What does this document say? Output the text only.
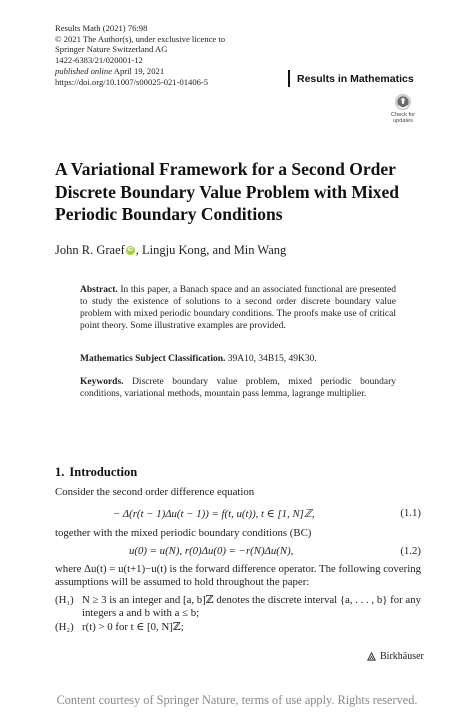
Results Math (2021) 76:98
© 2021 The Author(s), under exclusive licence to
Springer Nature Switzerland AG
1422-6383/21/020001-12
published online April 19, 2021
https://doi.org/10.1007/s00025-021-01406-5	Results in Mathematics
Check for
updates
A Variational Framework for a Second Order Discrete Boundary Value Problem with Mixed Periodic Boundary Conditions
John R. Graef iD , Lingju Kong, and Min Wang
Abstract. In this paper, a Banach space and an associated functional are presented to study the existence of solutions to a second order discrete boundary value problem with mixed periodic boundary conditions. The proofs make use of critical point theory. Some illustrative examples are provided.
Mathematics Subject Classification. 39A10, 34B15, 49K30.
Keywords. Discrete boundary value problem, mixed periodic boundary conditions, variational methods, mountain pass lemma, lagrange multiplier.
1. Introduction
Consider the second order difference equation
− Δ(r(t − 1)Δu(t − 1)) = f(t, u(t)), t ∈ [1, N]ℤ,	(1.1)
together with the mixed periodic boundary conditions (BC)
u(0) = u(N), r(0)Δu(0) = −r(N)Δu(N),	(1.2)
where Δu(t) = u(t+1)−u(t) is the forward difference operator. The following covering assumptions will be assumed to hold throughout the paper:
(H₁) N ≥ 3 is an integer and [a, b]ℤ denotes the discrete interval {a, . . . , b} for any integers a and b with a ≤ b;
(H₂) r(t) > 0 for t ∈ [0, N]ℤ;
Birkhäuser
Content courtesy of Springer Nature, terms of use apply. Rights reserved.
